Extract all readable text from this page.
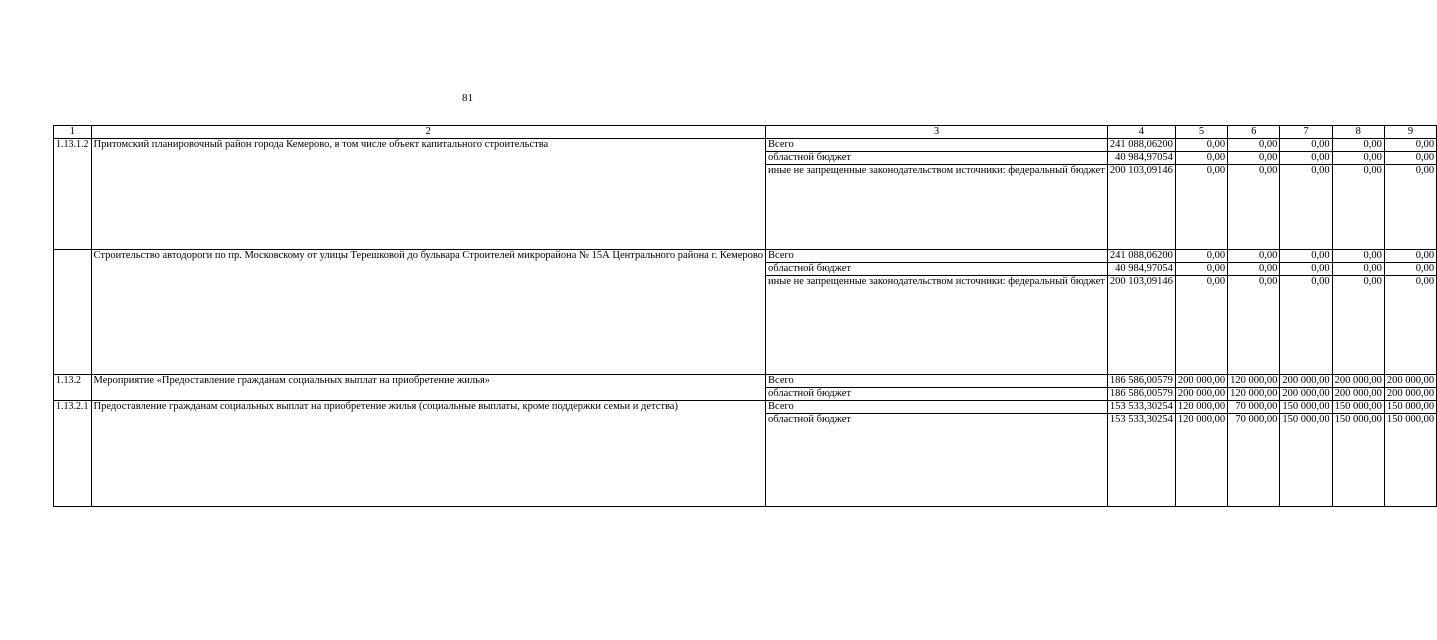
81
1	2	3	4	5	6	7	8	9
1.13.1.2	Притомский планировочный район города Кемерово, в том числе объект капитального строительства	Всего	241 088,06200	0,00	0,00	0,00	0,00	0,00
		областной бюджет	40 984,97054	0,00	0,00	0,00	0,00	0,00
		иные не запрещенные законодательством источники: федеральный бюджет	200 103,09146	0,00	0,00	0,00	0,00	0,00
	Строительство автодороги по пр. Московскому от улицы Терешковой до бульвара Строителей микрорайона № 15А Центрального района г. Кемерово	Всего	241 088,06200	0,00	0,00	0,00	0,00	0,00
		областной бюджет	40 984,97054	0,00	0,00	0,00	0,00	0,00
		иные не запрещенные законодательством источники: федеральный бюджет	200 103,09146	0,00	0,00	0,00	0,00	0,00
1.13.2	Мероприятие «Предоставление гражданам социальных выплат на приобретение жилья»	Всего	186 586,00579	200 000,00	120 000,00	200 000,00	200 000,00	200 000,00
		областной бюджет	186 586,00579	200 000,00	120 000,00	200 000,00	200 000,00	200 000,00
1.13.2.1	Предоставление гражданам социальных выплат на приобретение жилья (социальные выплаты, кроме поддержки семьи и детства)	Всего	153 533,30254	120 000,00	70 000,00	150 000,00	150 000,00	150 000,00
		областной бюджет	153 533,30254	120 000,00	70 000,00	150 000,00	150 000,00	150 000,00
